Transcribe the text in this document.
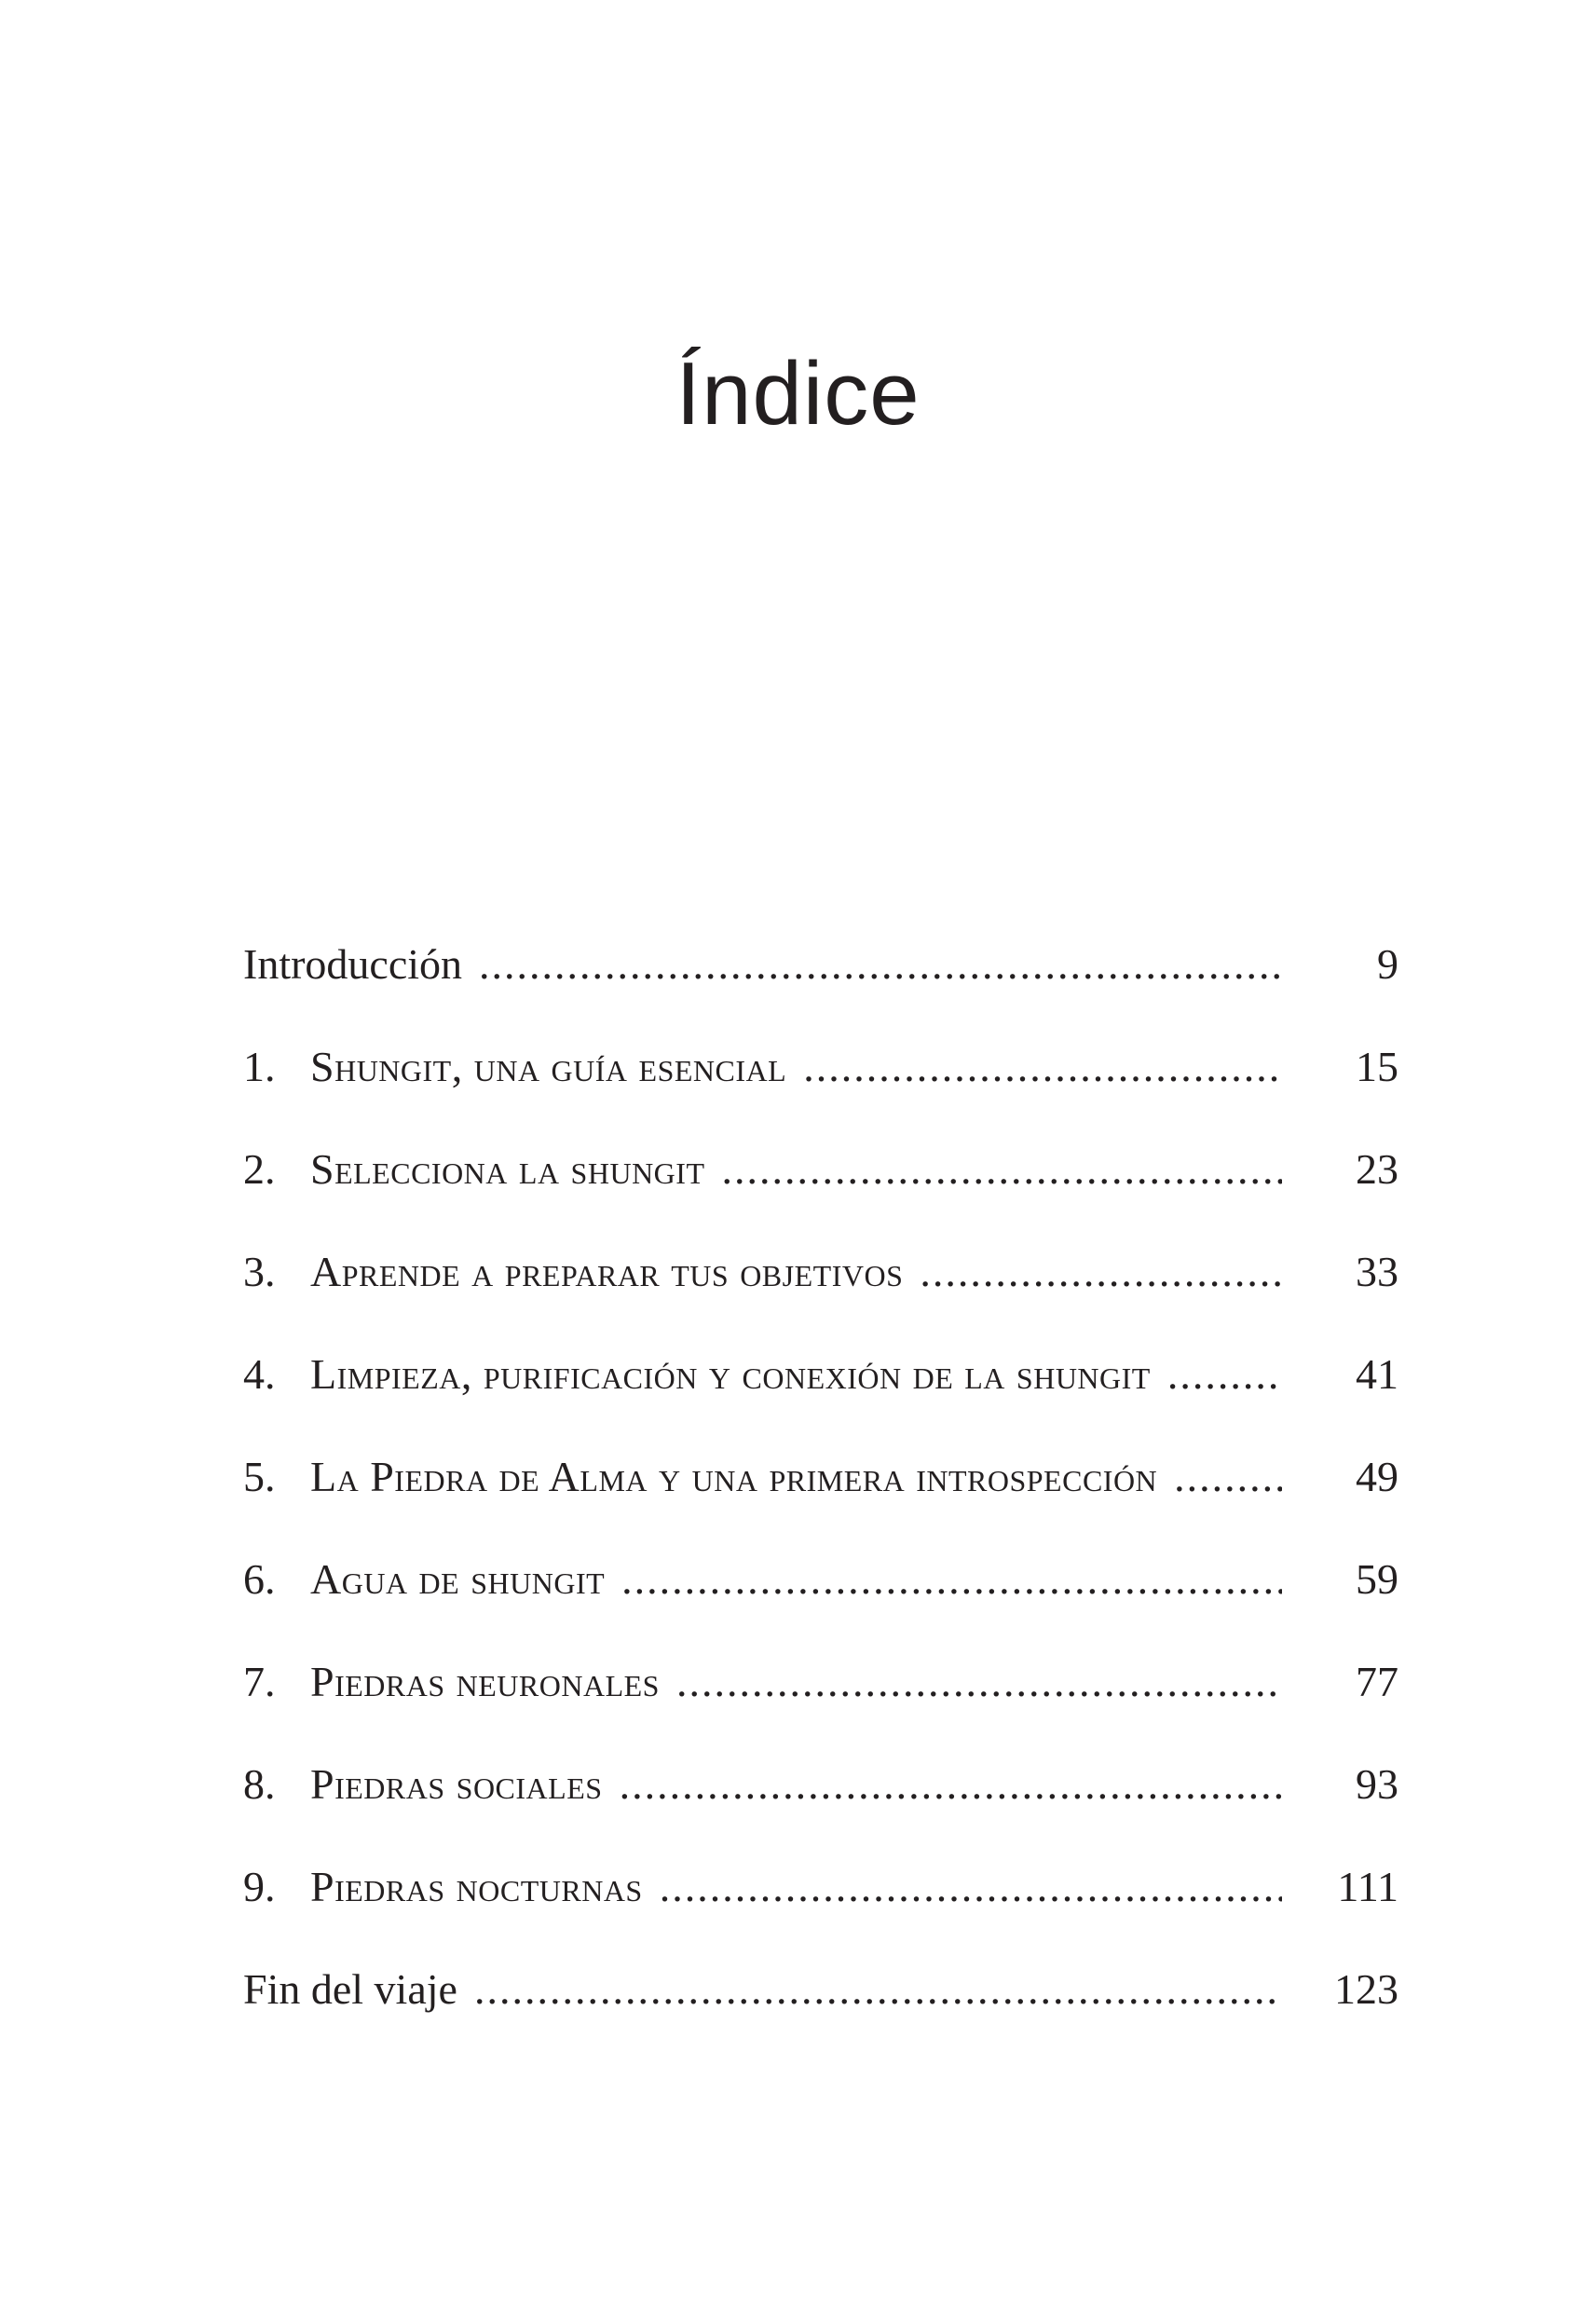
Índice
Introducción .....	9
1. Shungit, una guía esencial .....	15
2. Selecciona la shungit .....	23
3. Aprende a preparar tus objetivos .....	33
4. Limpieza, purificación y conexión de la shungit .....	41
5. La Piedra de Alma y una primera introspección .....	49
6. Agua de shungit .....	59
7. Piedras neuronales .....	77
8. Piedras sociales .....	93
9. Piedras nocturnas .....	111
Fin del viaje .....	123
